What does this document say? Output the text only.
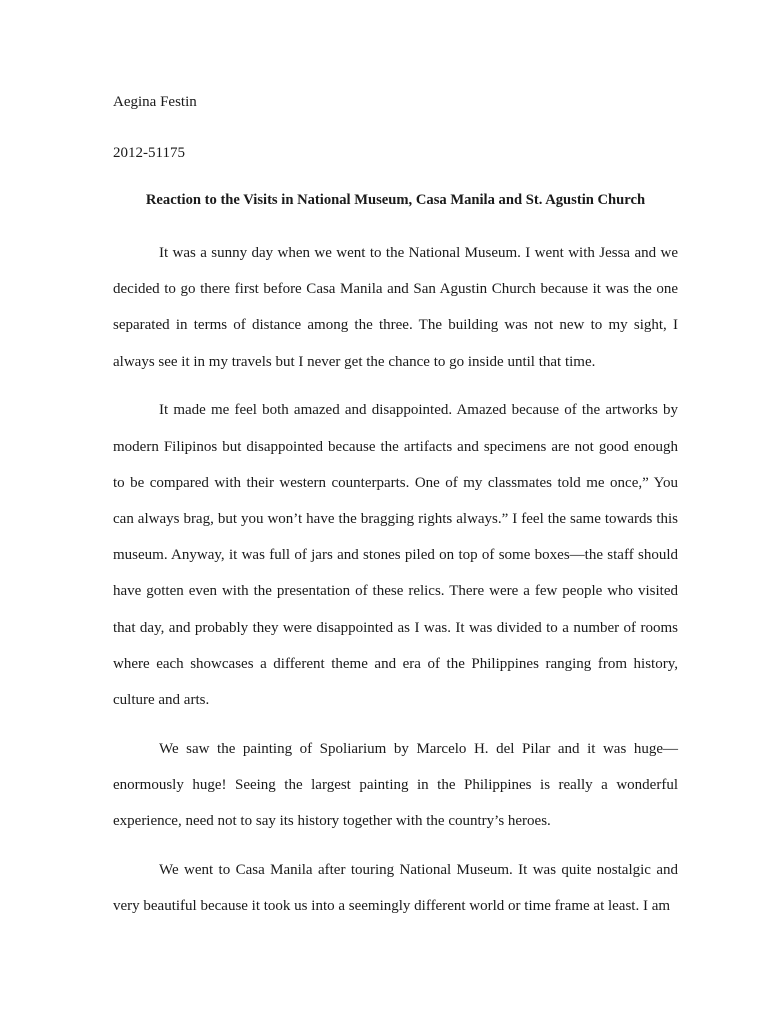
Aegina Festin

2012-51175

Reaction to the Visits in National Museum, Casa Manila and St. Agustin Church

It was a sunny day when we went to the National Museum. I went with Jessa and we decided to go there first before Casa Manila and San Agustin Church because it was the one separated in terms of distance among the three. The building was not new to my sight, I always see it in my travels but I never get the chance to go inside until that time.

It made me feel both amazed and disappointed. Amazed because of the artworks by modern Filipinos but disappointed because the artifacts and specimens are not good enough to be compared with their western counterparts. One of my classmates told me once,” You can always brag, but you won’t have the bragging rights always.” I feel the same towards this museum. Anyway, it was full of jars and stones piled on top of some boxes—the staff should have gotten even with the presentation of these relics. There were a few people who visited that day, and probably they were disappointed as I was. It was divided to a number of rooms where each showcases a different theme and era of the Philippines ranging from history, culture and arts.

We saw the painting of Spoliarium by Marcelo H. del Pilar and it was huge—enormously huge! Seeing the largest painting in the Philippines is really a wonderful experience, need not to say its history together with the country’s heroes.

We went to Casa Manila after touring National Museum. It was quite nostalgic and very beautiful because it took us into a seemingly different world or time frame at least. I am
